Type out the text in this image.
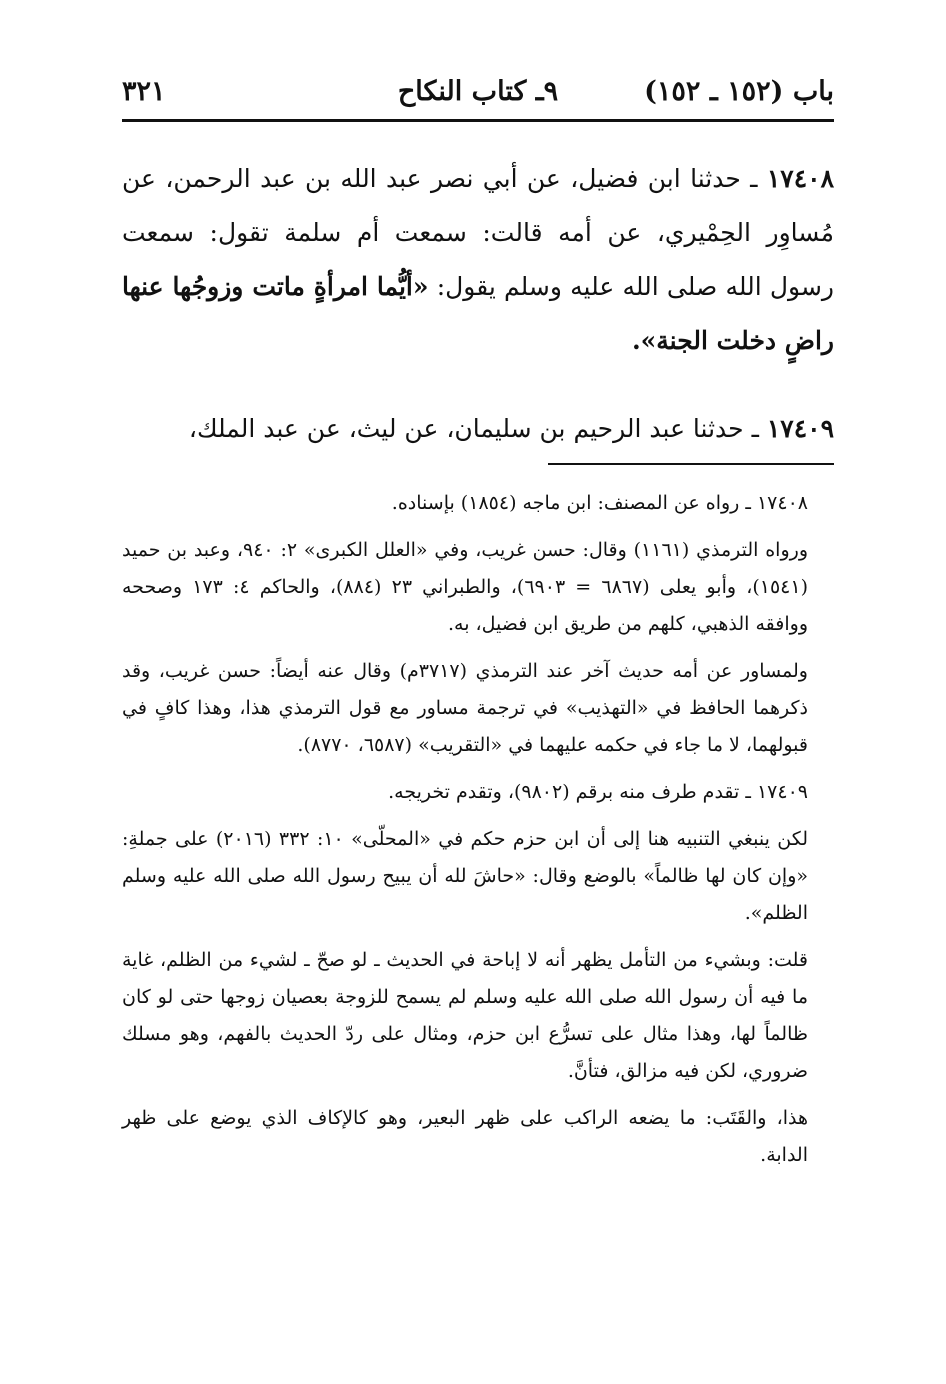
باب (١٥٢ ـ ١٥٢)
٩ـ كتاب النكاح
٣٢١

١٧٤٠٨ ـ حدثنا ابن فضيل، عن أبي نصر عبد الله بن عبد الرحمن، عن مُساوِر الحِمْيري، عن أمه قالت: سمعت أم سلمة تقول: سمعت رسول الله صلى الله عليه وسلم يقول: «أيُّما امرأةٍ ماتت وزوجُها عنها راضٍ دخلت الجنة».

١٧٤٠٩ ـ حدثنا عبد الرحيم بن سليمان، عن ليث، عن عبد الملك،

١٧٤٠٨ ـ رواه عن المصنف: ابن ماجه (١٨٥٤) بإسناده.

ورواه الترمذي (١١٦١) وقال: حسن غريب، وفي «العلل الكبرى» ٢: ٩٤٠، وعبد بن حميد (١٥٤١)، وأبو يعلى (٦٨٦٧ = ٦٩٠٣)، والطبراني ٢٣ (٨٨٤)، والحاكم ٤: ١٧٣ وصححه ووافقه الذهبي، كلهم من طريق ابن فضيل، به.

ولمساور عن أمه حديث آخر عند الترمذي (٣٧١٧م) وقال عنه أيضاً: حسن غريب، وقد ذكرهما الحافظ في «التهذيب» في ترجمة مساور مع قول الترمذي هذا، وهذا كافٍ في قبولهما، لا ما جاء في حكمه عليهما في «التقريب» (٦٥٨٧، ٨٧٧٠).

١٧٤٠٩ ـ تقدم طرف منه برقم (٩٨٠٢)، وتقدم تخريجه.

لكن ينبغي التنبيه هنا إلى أن ابن حزم حكم في «المحلّى» ١٠: ٣٣٢ (٢٠١٦) على جملةِ: «وإن كان لها ظالماً» بالوضع وقال: «حاشَ لله أن يبيح رسول الله صلى الله عليه وسلم الظلم».

قلت: وبشيء من التأمل يظهر أنه لا إباحة في الحديث ـ لو صحّ ـ لشيء من الظلم، غاية ما فيه أن رسول الله صلى الله عليه وسلم لم يسمح للزوجة بعصيان زوجها حتى لو كان ظالماً لها، وهذا مثال على تسرُّع ابن حزم، ومثال على ردّ الحديث بالفهم، وهو مسلك ضروري، لكن فيه مزالق، فتأنَّ.

هذا، والقَتَب: ما يضعه الراكب على ظهر البعير، وهو كالإكاف الذي يوضع على ظهر الدابة.
